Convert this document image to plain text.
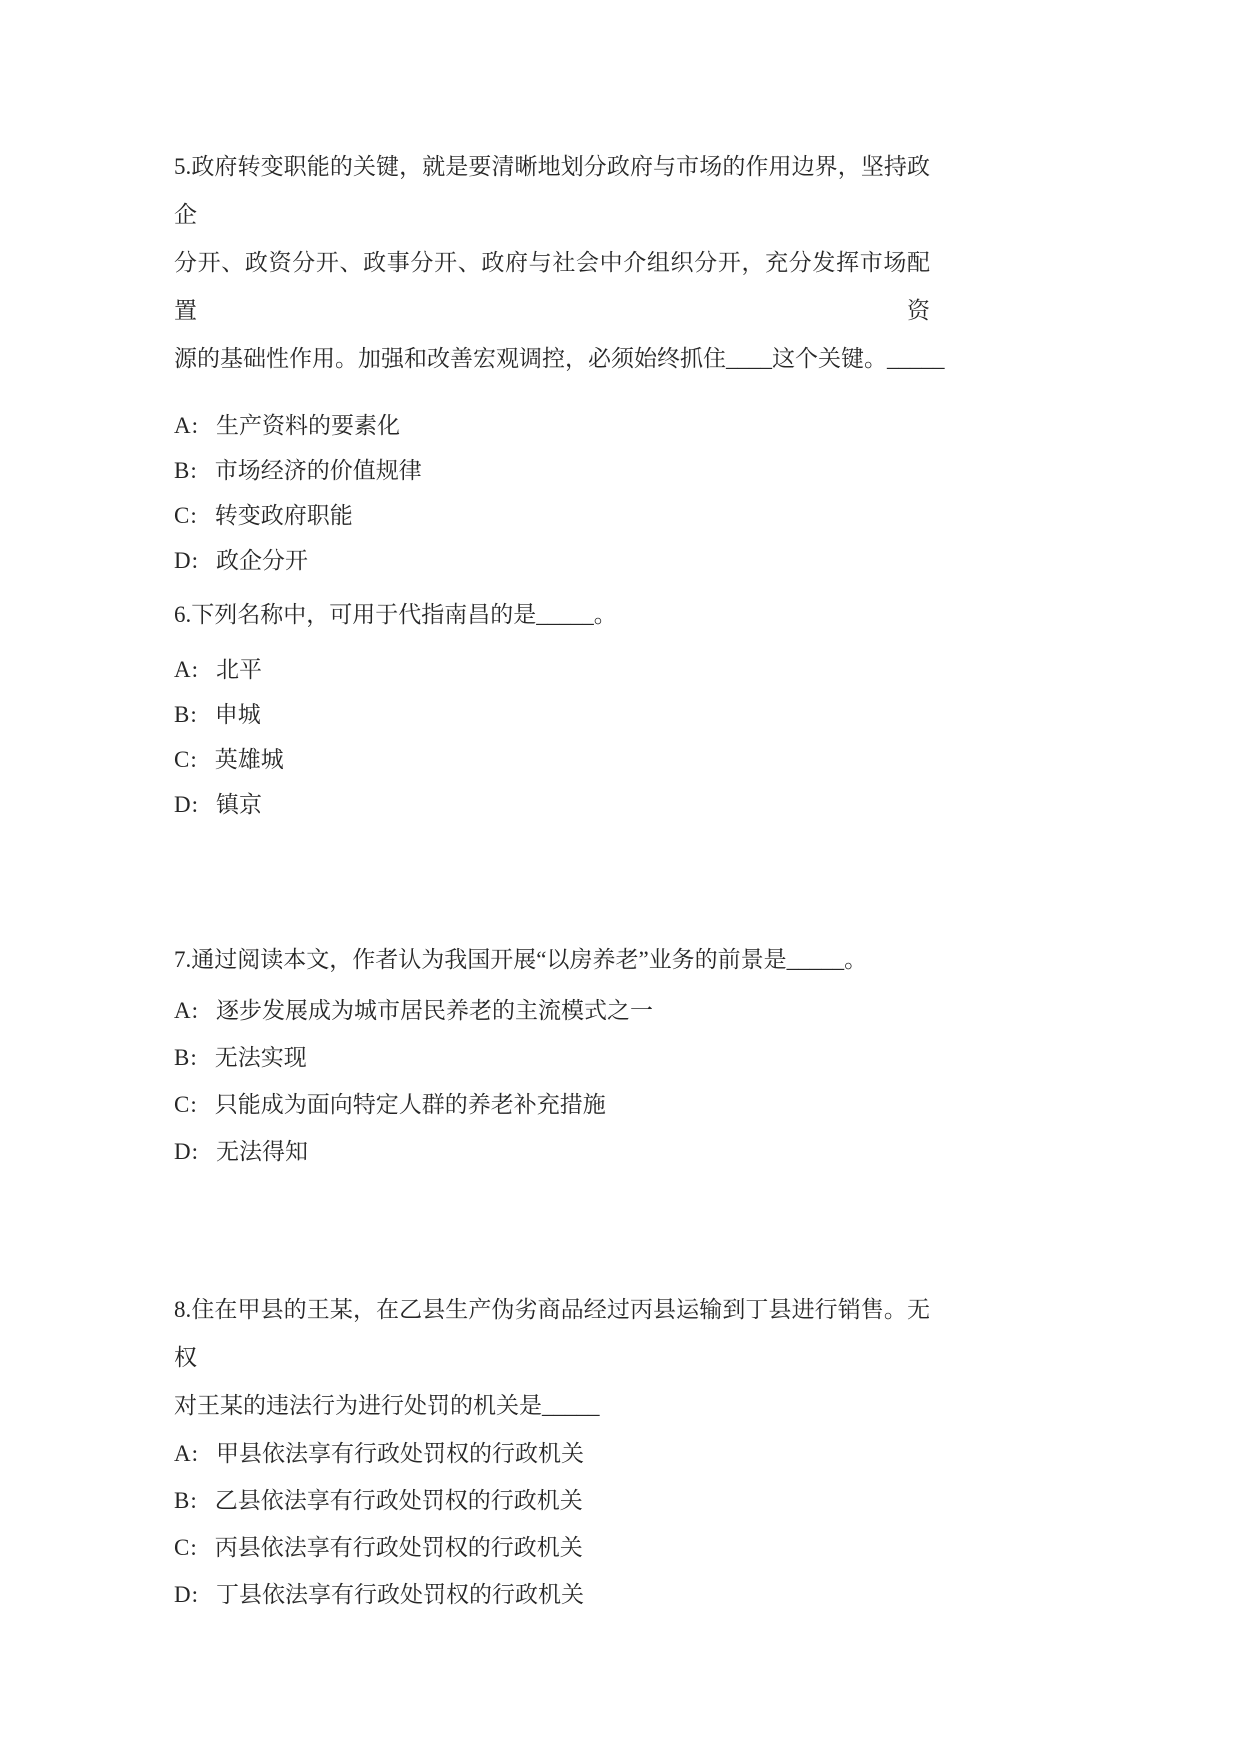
5.政府转变职能的关键，就是要清晰地划分政府与市场的作用边界，坚持政企
分开、政资分开、政事分开、政府与社会中介组织分开，充分发挥市场配置资
源的基础性作用。加强和改善宏观调控，必须始终抓住____这个关键。_____
A: 生产资料的要素化
B: 市场经济的价值规律
C: 转变政府职能
D: 政企分开
6.下列名称中，可用于代指南昌的是_____。
A: 北平
B: 申城
C: 英雄城
D: 镇京
7.通过阅读本文，作者认为我国开展“以房养老”业务的前景是_____。
A: 逐步发展成为城市居民养老的主流模式之一
B: 无法实现
C: 只能成为面向特定人群的养老补充措施
D: 无法得知
8.住在甲县的王某，在乙县生产伪劣商品经过丙县运输到丁县进行销售。无权
对王某的违法行为进行处罚的机关是_____
A: 甲县依法享有行政处罚权的行政机关
B: 乙县依法享有行政处罚权的行政机关
C: 丙县依法享有行政处罚权的行政机关
D: 丁县依法享有行政处罚权的行政机关
